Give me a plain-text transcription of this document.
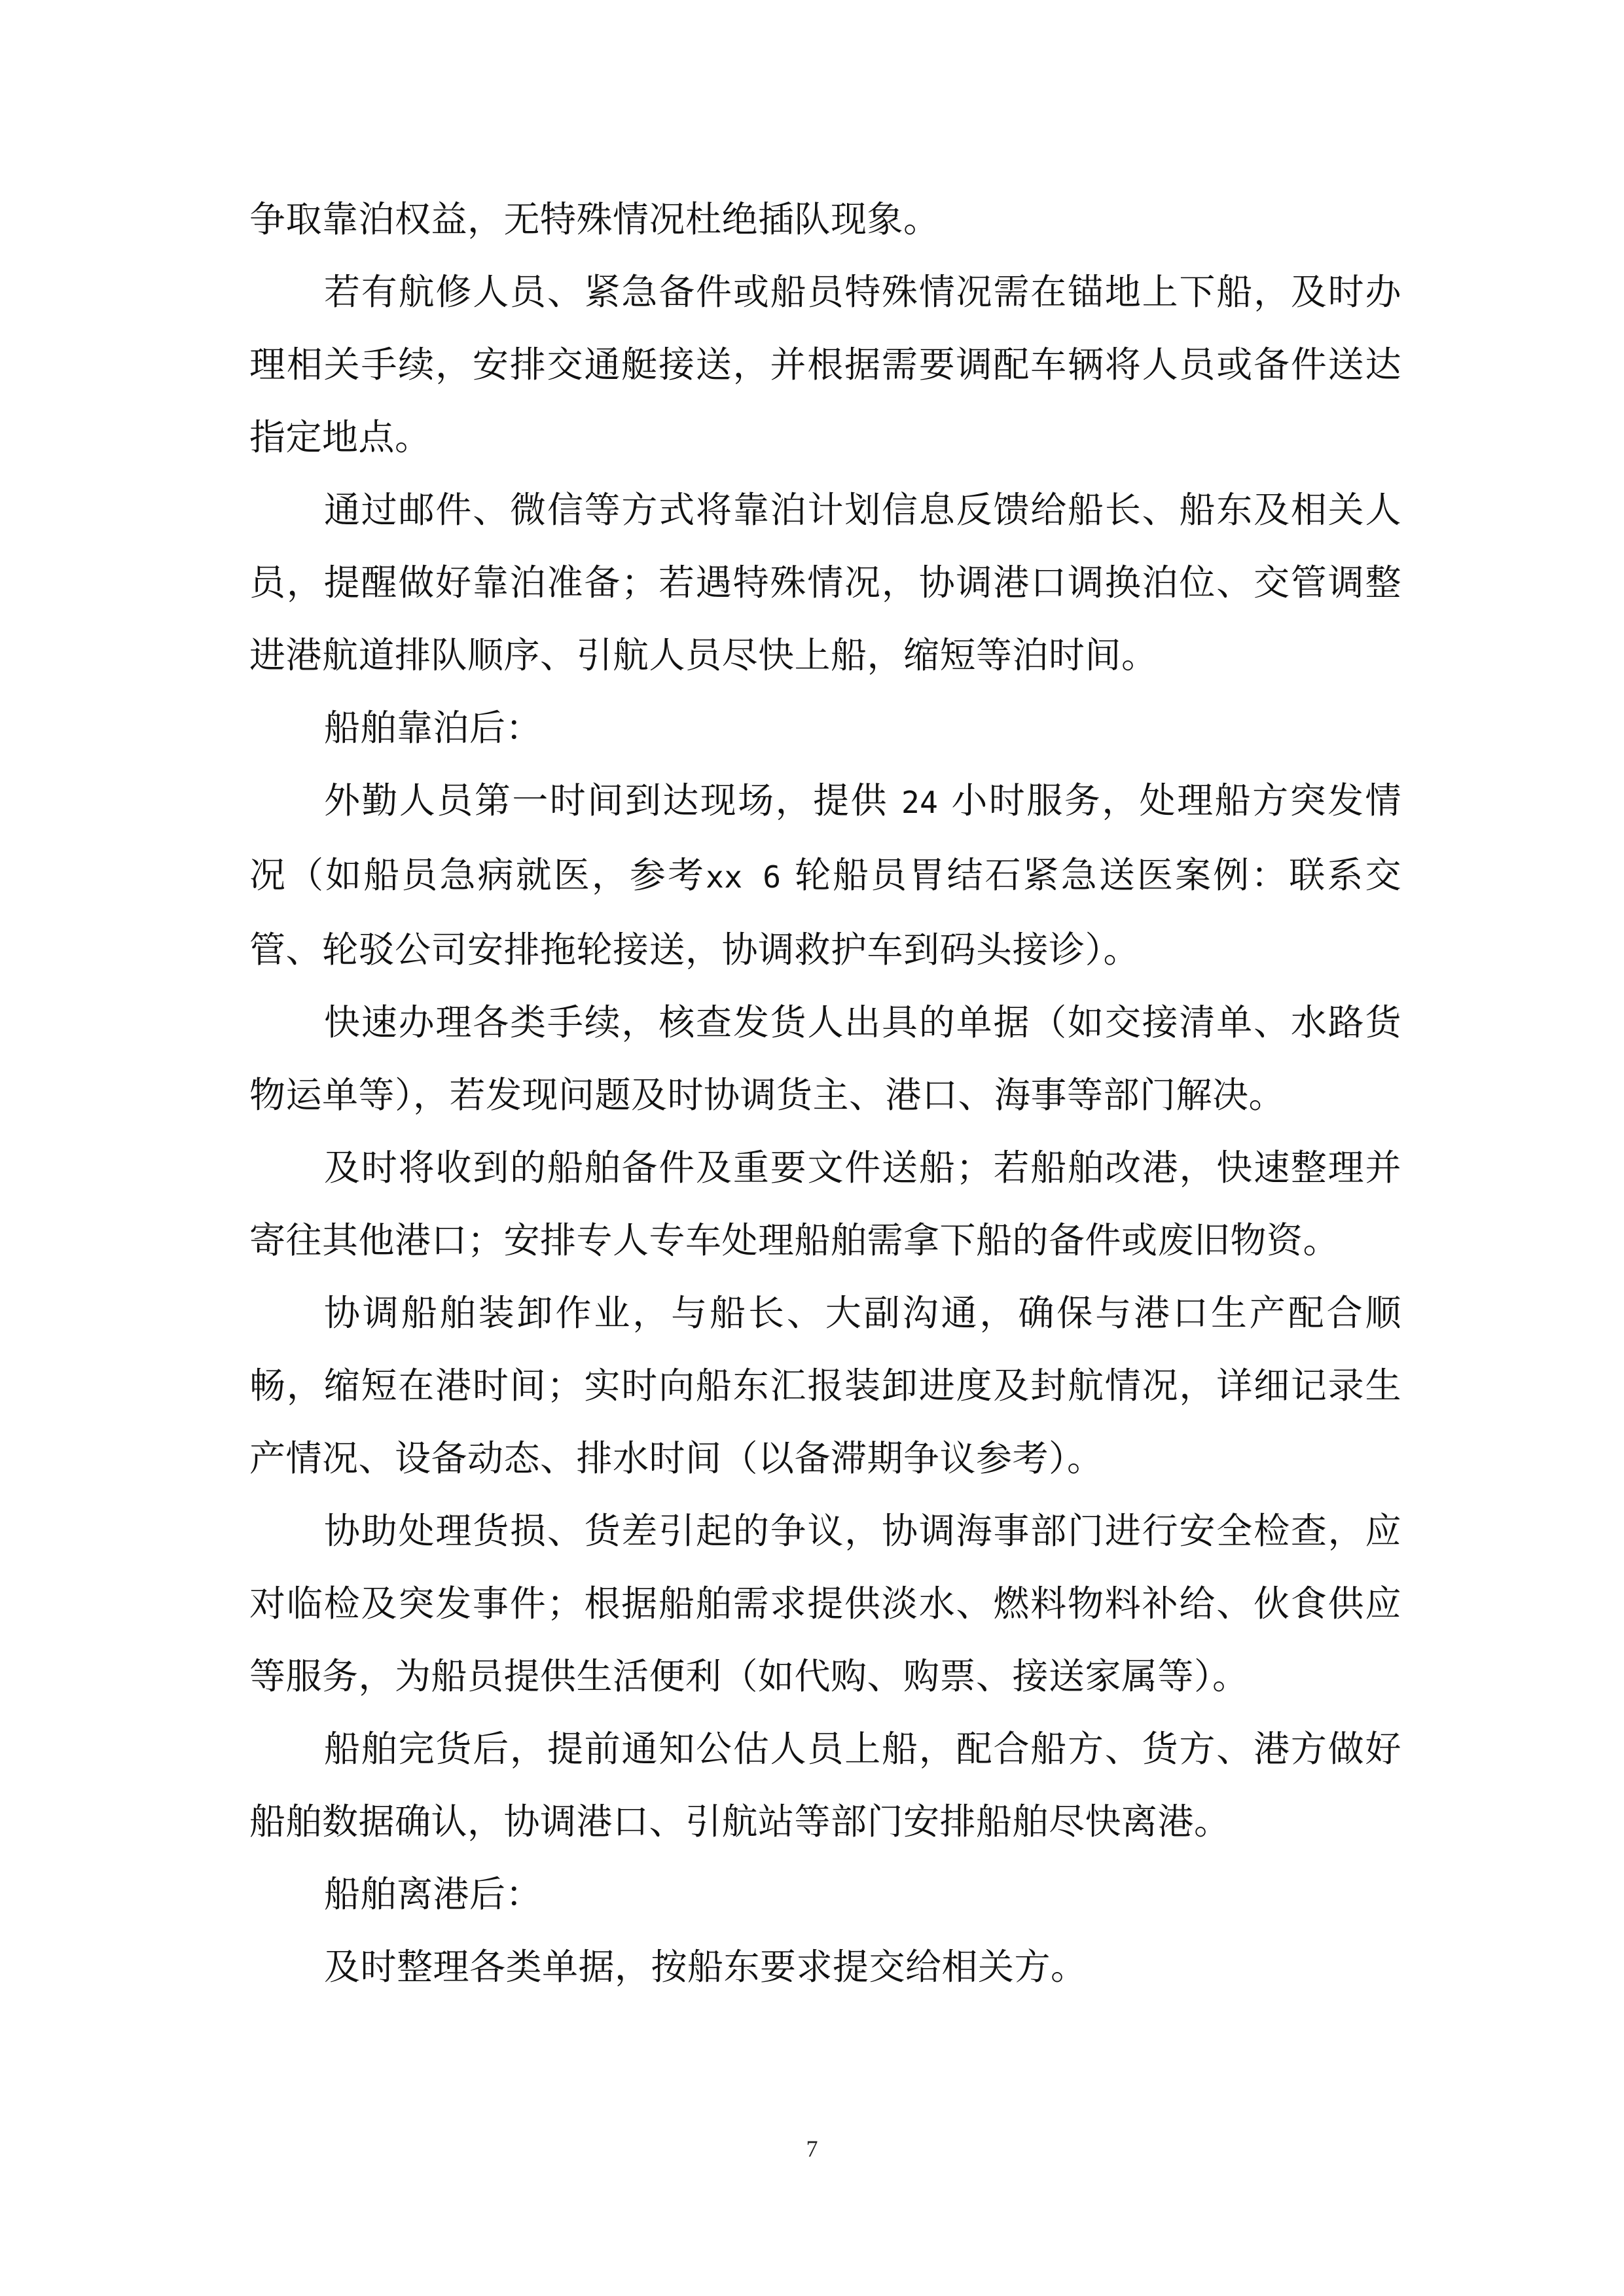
争取靠泊权益，无特殊情况杜绝插队现象。

若有航修人员、紧急备件或船员特殊情况需在锚地上下船，及时办理相关手续，安排交通艇接送，并根据需要调配车辆将人员或备件送达指定地点。

通过邮件、微信等方式将靠泊计划信息反馈给船长、船东及相关人员，提醒做好靠泊准备；若遇特殊情况，协调港口调换泊位、交管调整进港航道排队顺序、引航人员尽快上船，缩短等泊时间。

船舶靠泊后：

外勤人员第一时间到达现场，提供 24 小时服务，处理船方突发情况（如船员急病就医，参考xx 6 轮船员胃结石紧急送医案例：联系交管、轮驳公司安排拖轮接送，协调救护车到码头接诊）。

快速办理各类手续，核查发货人出具的单据（如交接清单、水路货物运单等），若发现问题及时协调货主、港口、海事等部门解决。

及时将收到的船舶备件及重要文件送船；若船舶改港，快速整理并寄往其他港口；安排专人专车处理船舶需拿下船的备件或废旧物资。

协调船舶装卸作业，与船长、大副沟通，确保与港口生产配合顺畅，缩短在港时间；实时向船东汇报装卸进度及封航情况，详细记录生产情况、设备动态、排水时间（以备滞期争议参考）。

协助处理货损、货差引起的争议，协调海事部门进行安全检查，应对临检及突发事件；根据船舶需求提供淡水、燃料物料补给、伙食供应等服务，为船员提供生活便利（如代购、购票、接送家属等）。

船舶完货后，提前通知公估人员上船，配合船方、货方、港方做好船舶数据确认，协调港口、引航站等部门安排船舶尽快离港。

船舶离港后：

及时整理各类单据，按船东要求提交给相关方。

7
